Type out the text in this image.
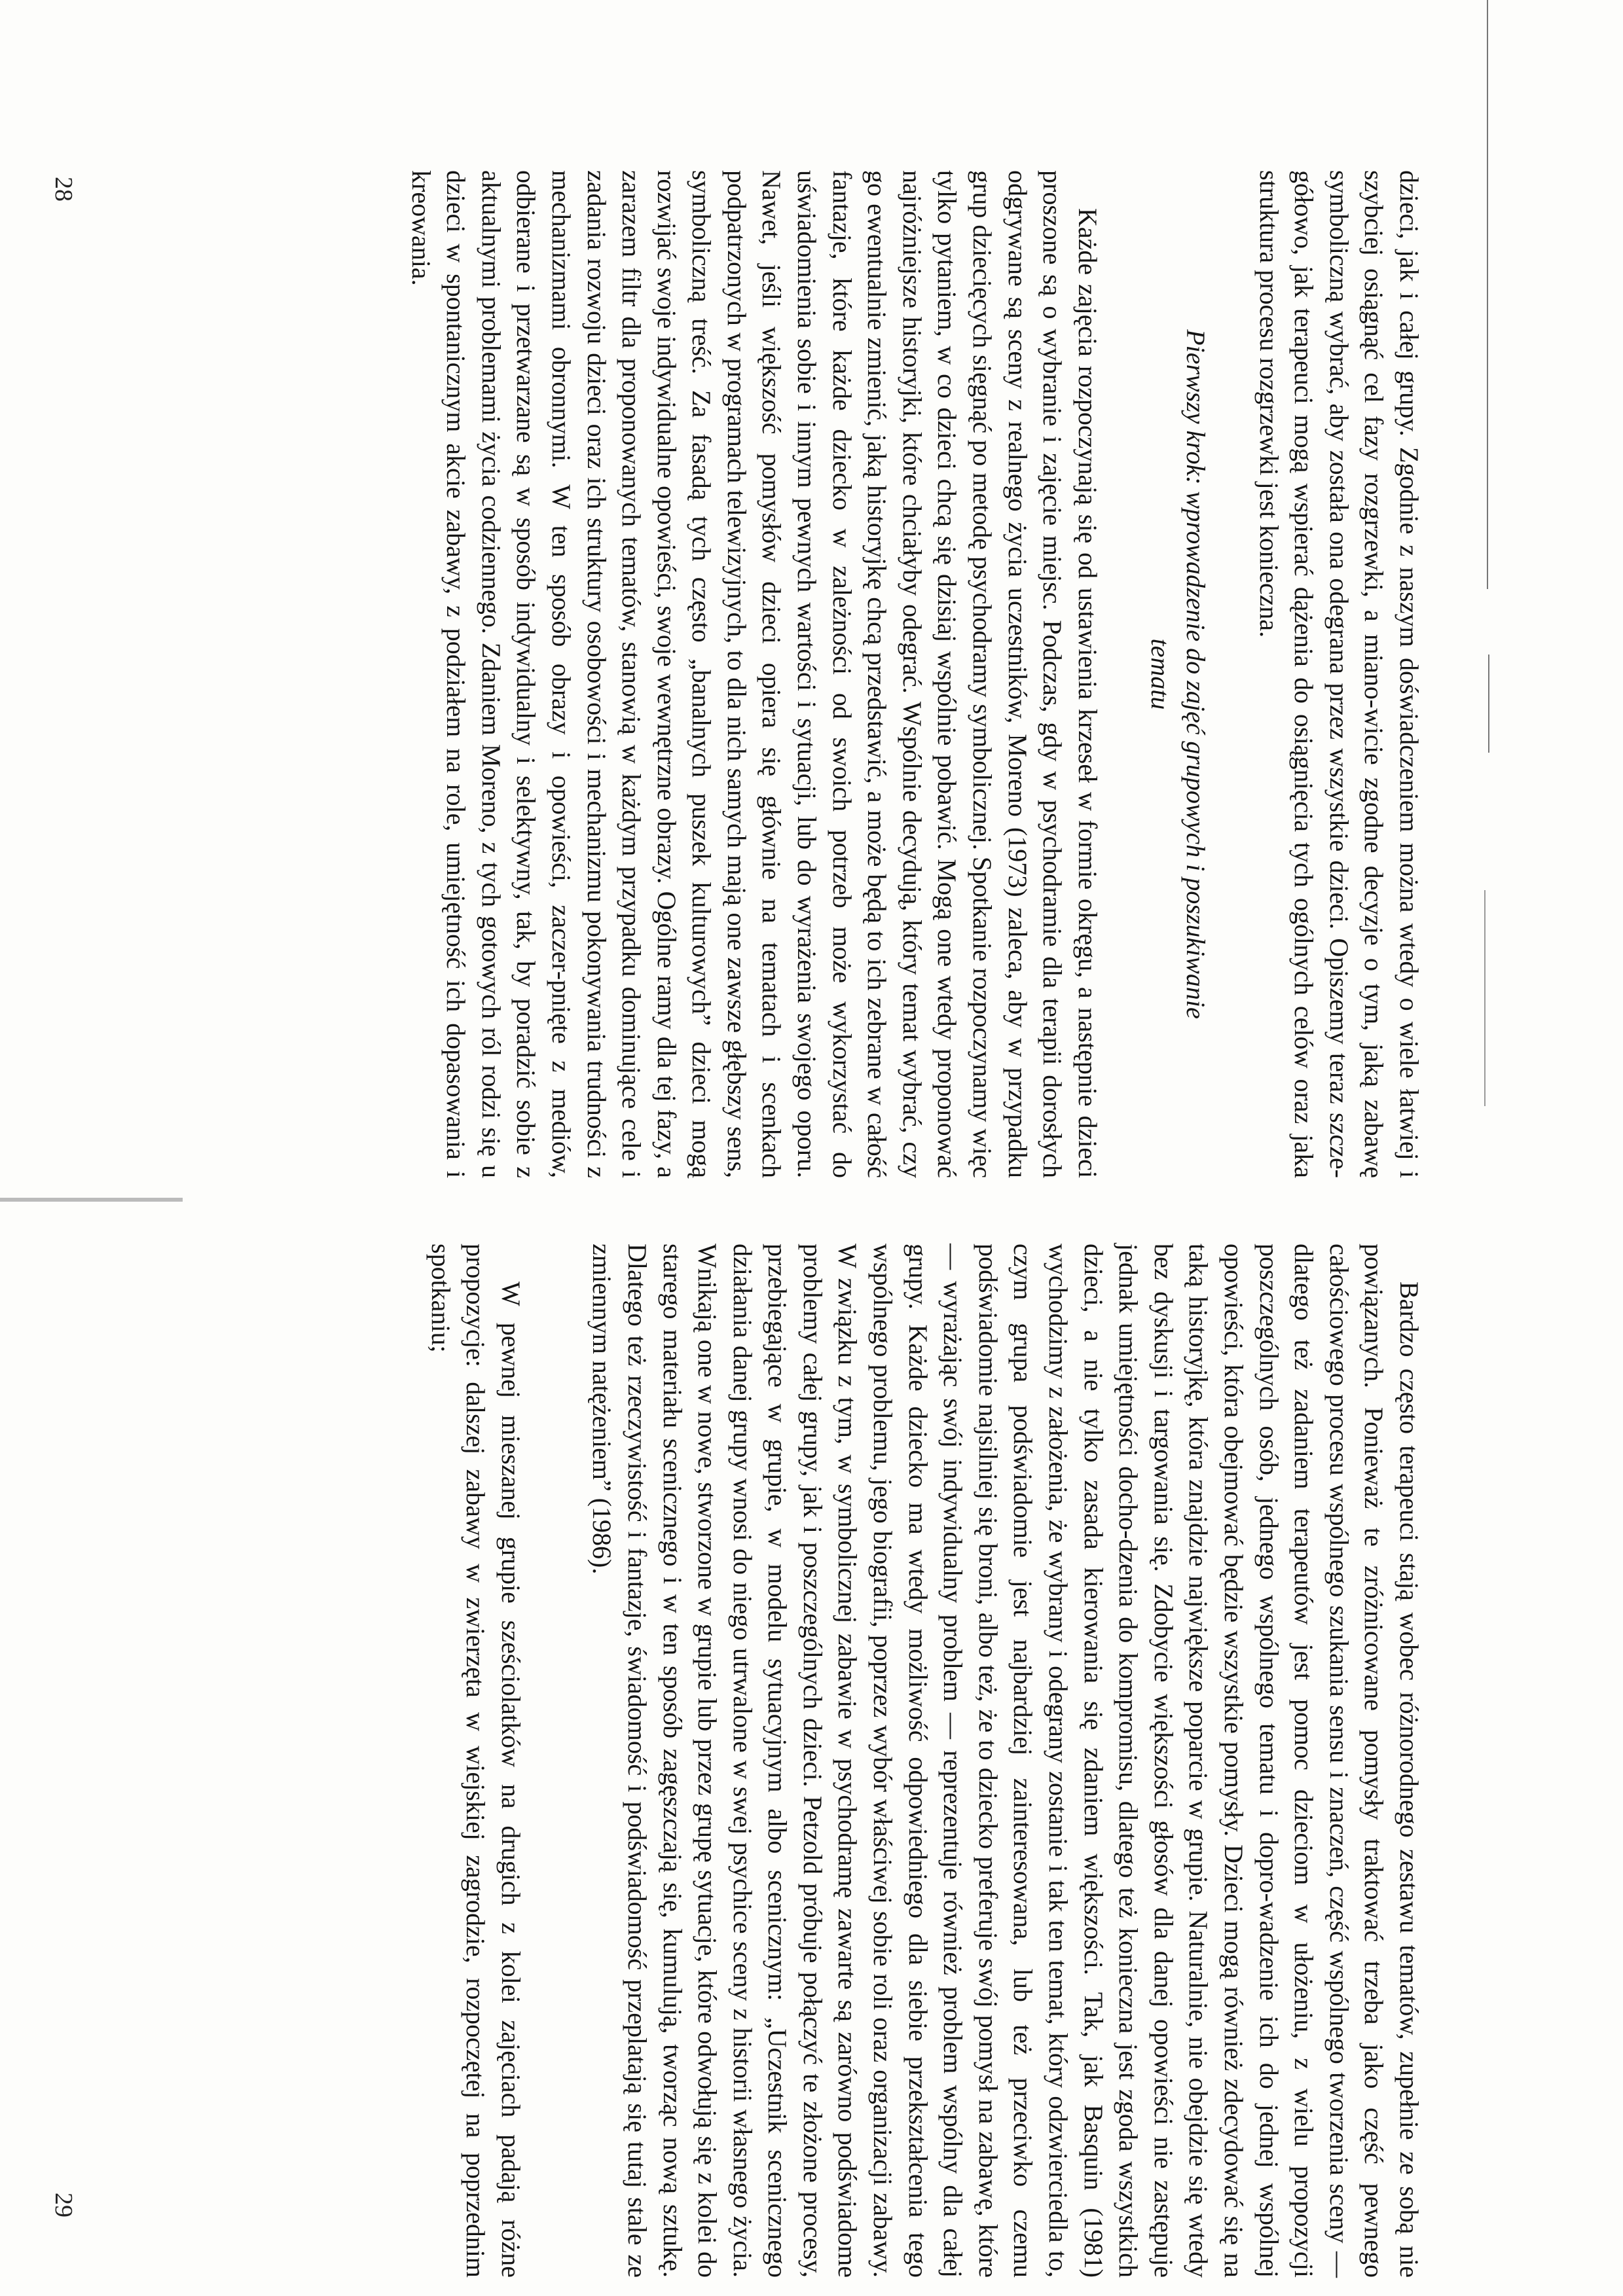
dzieci, jak i całej grupy. Zgodnie z naszym doświadczeniem można wtedy o wiele łatwiej i szybciej osiągnąć cel fazy rozgrzewki, a miano-wicie zgodne decyzje o tym, jaką zabawę symboliczną wybrać, aby została ona odegrana przez wszystkie dzieci. Opiszemy teraz szcze-gółowo, jak terapeuci mogą wspierać dążenia do osiągnięcia tych ogólnych celów oraz jaka struktura procesu rozgrzewki jest konieczna.

Pierwszy krok: wprowadzenie do zajęć grupowych i poszukiwanie
tematu

Każde zajęcia rozpoczynają się od ustawienia krzeseł w formie okręgu, a następnie dzieci proszone są o wybranie i zajęcie miejsc. Podczas, gdy w psychodramie dla terapii dorosłych odgrywane są sceny z realnego życia uczestników, Moreno (1973) zaleca, aby w przypadku grup dziecięcych sięgnąć po metodę psychodramy symbolicznej. Spotkanie rozpoczynamy więc tylko pytaniem, w co dzieci chcą się dzisiaj wspólnie pobawić. Mogą one wtedy proponować najróżniejsze historyjki, które chciałyby odegrać. Wspólnie decydują, który temat wybrać, czy go ewentualnie zmienić, jaką historyjkę chcą przedstawić, a może będą to ich zebrane w całość fantazje, które każde dziecko w zależności od swoich potrzeb może wykorzystać do uświadomienia sobie i innym pewnych wartości i sytuacji, lub do wyrażenia swojego oporu. Nawet, jeśli większość pomysłów dzieci opiera się głównie na tematach i scenkach podpatrzonych w programach telewizyjnych, to dla nich samych mają one zawsze głębszy sens, symboliczną treść. Za fasadą tych często „banalnych puszek kulturowych” dzieci mogą rozwijać swoje indywidualne opowieści, swoje wewnętrzne obrazy. Ogólne ramy dla tej fazy, a zarazem filtr dla proponowanych tematów, stanowią w każdym przypadku dominujące cele i zadania rozwoju dzieci oraz ich struktury osobowości i mechanizmu pokonywania trudności z mechanizmami obronnymi. W ten sposób obrazy i opowieści, zaczer-pnięte z mediów, odbierane i przetwarzane są w sposób indywidualny i selektywny, tak, by poradzić sobie z aktualnymi problemami życia codziennego. Zdaniem Moreno, z tych gotowych ról rodzi się u dzieci w spontanicznym akcie zabawy, z podziałem na role, umiejętność ich dopasowania i kreowania.

28

Bardzo często terapeuci stają wobec różnorodnego zestawu tematów, zupełnie ze sobą nie powiązanych. Ponieważ te zróżnicowane pomysły traktować trzeba jako część pewnego całościowego procesu wspólnego szukania sensu i znaczeń, część wspólnego tworzenia sceny — dlatego też zadaniem terapeutów jest pomoc dzieciom w ułożeniu, z wielu propozycji poszczególnych osób, jednego wspólnego tematu i dopro-wadzenie ich do jednej wspólnej opowieści, która obejmować będzie wszystkie pomysły. Dzieci mogą również zdecydować się na taką historyjkę, która znajdzie największe poparcie w grupie. Naturalnie, nie obejdzie się wtedy bez dyskusji i targowania się. Zdobycie większości głosów dla danej opowieści nie zastępuje jednak umiejętności docho-dzenia do kompromisu, dlatego też konieczna jest zgoda wszystkich dzieci, a nie tylko zasada kierowania się zdaniem większości. Tak, jak Basquin (1981) wychodzimy z założenia, że wybrany i odegrany zostanie i tak ten temat, który odzwierciedla to, czym grupa podświadomie jest najbardziej zainteresowana, lub też przeciwko czemu podświadomie najsilniej się broni, albo też, że to dziecko preferuje swój pomysł na zabawę, które — wyrażając swój indywidualny problem — reprezentuje również problem wspólny dla całej grupy. Każde dziecko ma wtedy możliwość odpowiedniego dla siebie przekształcenia tego wspólnego problemu, jego biografii, poprzez wybór właściwej sobie roli oraz organizacji zabawy. W związku z tym, w symbolicznej zabawie w psychodramę zawarte są zarówno podświadome problemy całej grupy, jak i poszczególnych dzieci. Petzold próbuje połączyć te złożone procesy, przebiegające w grupie, w modelu sytuacyjnym albo scenicznym: „Uczestnik scenicznego działania danej grupy wnosi do niego utrwalone w swej psychice sceny z historii własnego życia. Wnikają one w nowe, stworzone w grupie lub przez grupę sytuacje, które odwołują się z kolei do starego materiału scenicznego i w ten sposób zagęszczają się, kumulują, tworząc nową sztukę. Dlatego też rzeczywistość i fantazje, świadomość i podświadomość przeplatają się tutaj stale ze zmiennym natężeniem” (1986).

W pewnej mieszanej grupie sześciolatków na drugich z kolei zajęciach padają różne propozycje: dalszej zabawy w zwierzęta w wiejskiej zagrodzie, rozpoczętej na poprzednim spotkaniu;

29
